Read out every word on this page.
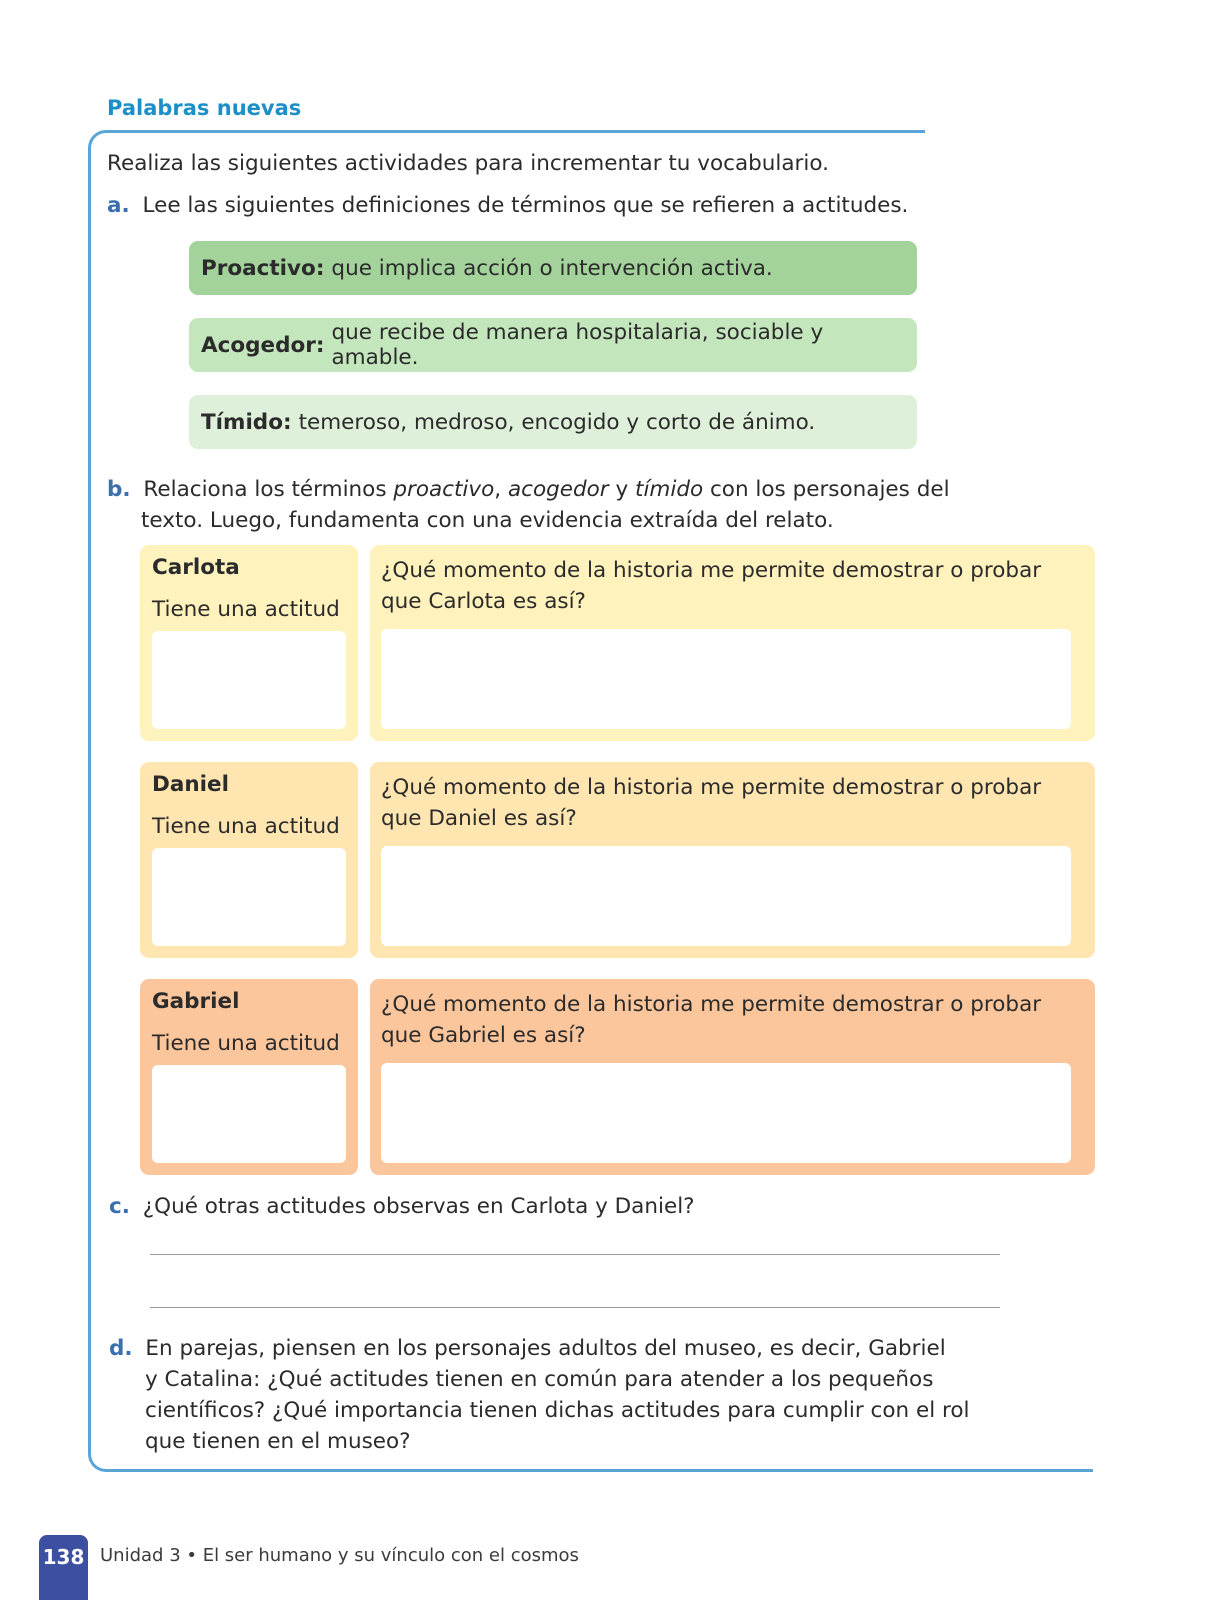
Palabras nuevas
Realiza las siguientes actividades para incrementar tu vocabulario.
a. Lee las siguientes definiciones de términos que se refieren a actitudes.
Proactivo: que implica acción o intervención activa.
Acogedor: que recibe de manera hospitalaria, sociable y amable.
Tímido: temeroso, medroso, encogido y corto de ánimo.
b. Relaciona los términos proactivo, acogedor y tímido con los personajes del
texto. Luego, fundamenta con una evidencia extraída del relato.
Carlota
Tiene una actitud
¿Qué momento de la historia me permite demostrar o probar que Carlota es así?
Daniel
Tiene una actitud
¿Qué momento de la historia me permite demostrar o probar que Daniel es así?
Gabriel
Tiene una actitud
¿Qué momento de la historia me permite demostrar o probar que Gabriel es así?
c. ¿Qué otras actitudes observas en Carlota y Daniel?
d. En parejas, piensen en los personajes adultos del museo, es decir, Gabriel
y Catalina: ¿Qué actitudes tienen en común para atender a los pequeños
científicos? ¿Qué importancia tienen dichas actitudes para cumplir con el rol
que tienen en el museo?
138 Unidad 3 • El ser humano y su vínculo con el cosmos
